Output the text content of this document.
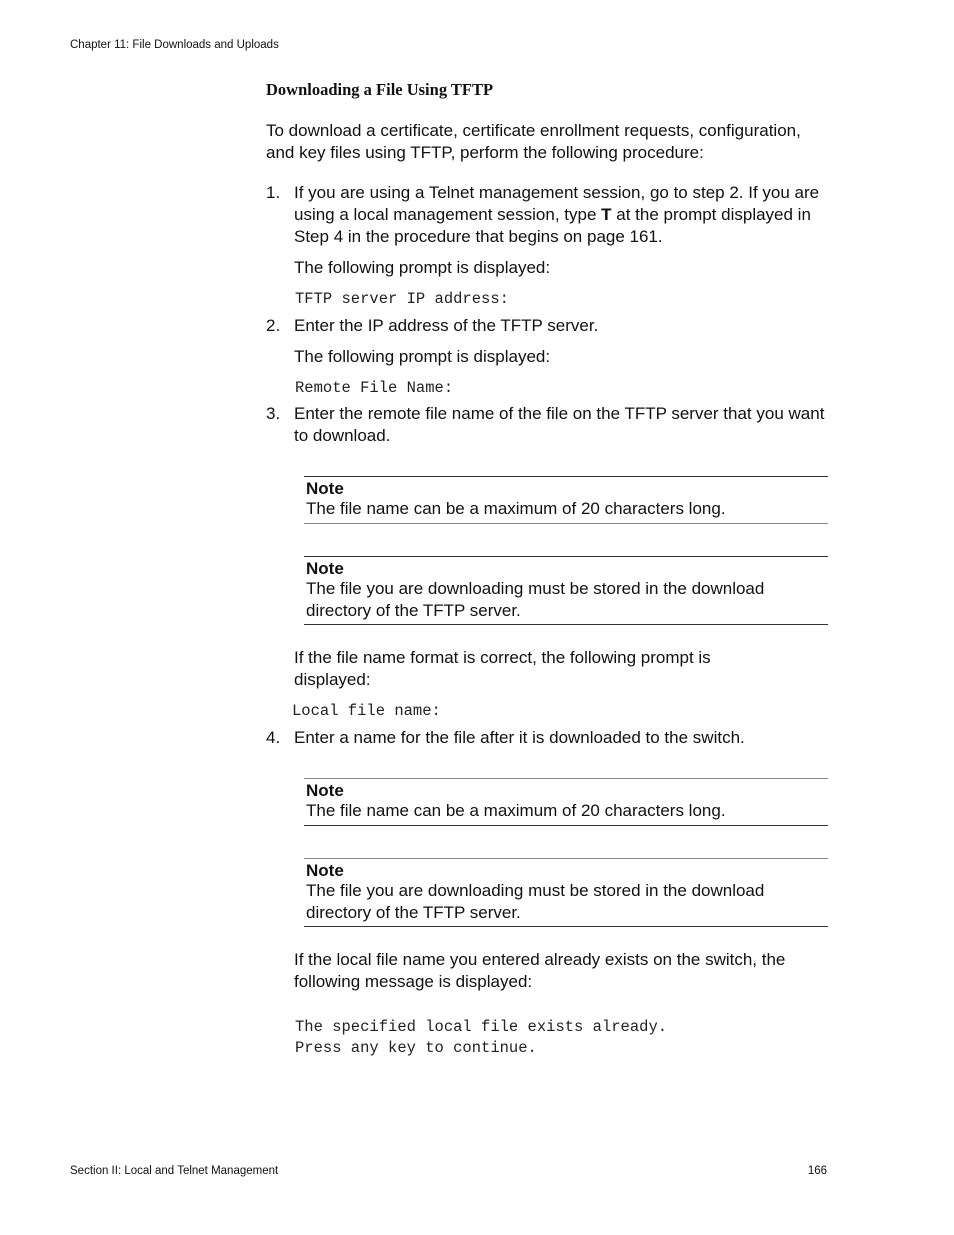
Chapter 11: File Downloads and Uploads
Downloading a File Using TFTP
To download a certificate, certificate enrollment requests, configuration,
and key files using TFTP, perform the following procedure:
1. If you are using a Telnet management session, go to step 2. If you are
using a local management session, type T at the prompt displayed in
Step 4 in the procedure that begins on page 161.
The following prompt is displayed:
TFTP server IP address:
2. Enter the IP address of the TFTP server.
The following prompt is displayed:
Remote File Name:
3. Enter the remote file name of the file on the TFTP server that you want
to download.
Note
The file name can be a maximum of 20 characters long.
Note
The file you are downloading must be stored in the download
directory of the TFTP server.
If the file name format is correct, the following prompt is
displayed:
Local file name:
4. Enter a name for the file after it is downloaded to the switch.
Note
The file name can be a maximum of 20 characters long.
Note
The file you are downloading must be stored in the download
directory of the TFTP server.
If the local file name you entered already exists on the switch, the
following message is displayed:
The specified local file exists already.
Press any key to continue.
Section II: Local and Telnet Management	166
